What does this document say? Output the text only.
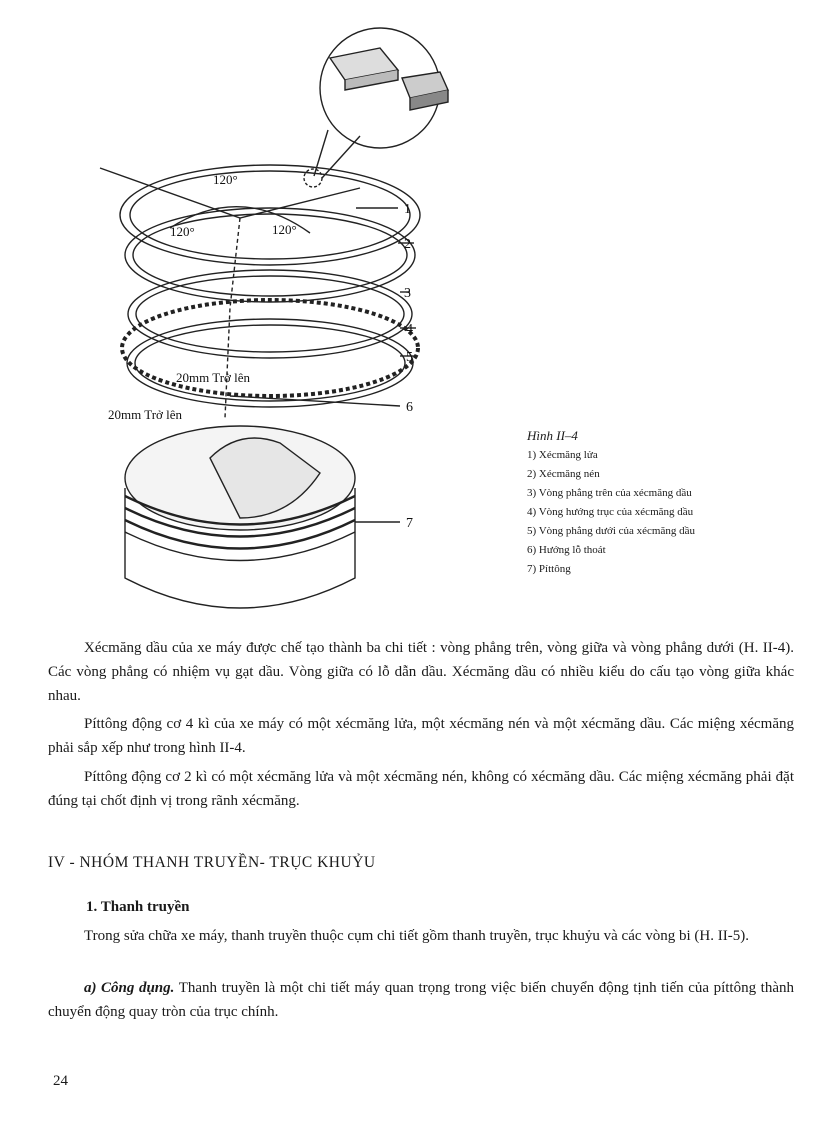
120°
120°	120°
20mm Trở lên
20mm Trở lên
1
2
3
4
5
6
7
Hình II–4
1) Xécmăng lửa
2) Xécmăng nén
3) Vòng phẳng trên của xécmăng dầu
4) Vòng hướng trục của xécmăng dầu
5) Vòng phẳng dưới của xécmăng dầu
6) Hướng lỗ thoát
7) Píttông
Xécmăng dầu của xe máy được chế tạo thành ba chi tiết : vòng phẳng trên, vòng giữa và vòng phẳng dưới (H. II-4). Các vòng phẳng có nhiệm vụ gạt dầu. Vòng giữa có lỗ dẫn dầu. Xécmăng dầu có nhiều kiểu do cấu tạo vòng giữa khác nhau.
Píttông động cơ 4 kì của xe máy có một xécmăng lửa, một xécmăng nén và một xécmăng dầu. Các miệng xécmăng phải sắp xếp như trong hình II-4.
Píttông động cơ 2 kì có một xécmăng lửa và một xécmăng nén, không có xécmăng dầu. Các miệng xécmăng phải đặt đúng tại chốt định vị trong rãnh xécmăng.
IV - NHÓM THANH TRUYỀN- TRỤC KHUỶU
1. Thanh truyền
Trong sửa chữa xe máy, thanh truyền thuộc cụm chi tiết gồm thanh truyền, trục khuỷu và các vòng bi (H. II-5).
a) Công dụng. Thanh truyền là một chi tiết máy quan trọng trong việc biến chuyển động tịnh tiến của píttông thành chuyển động quay tròn của trục chính.
24
